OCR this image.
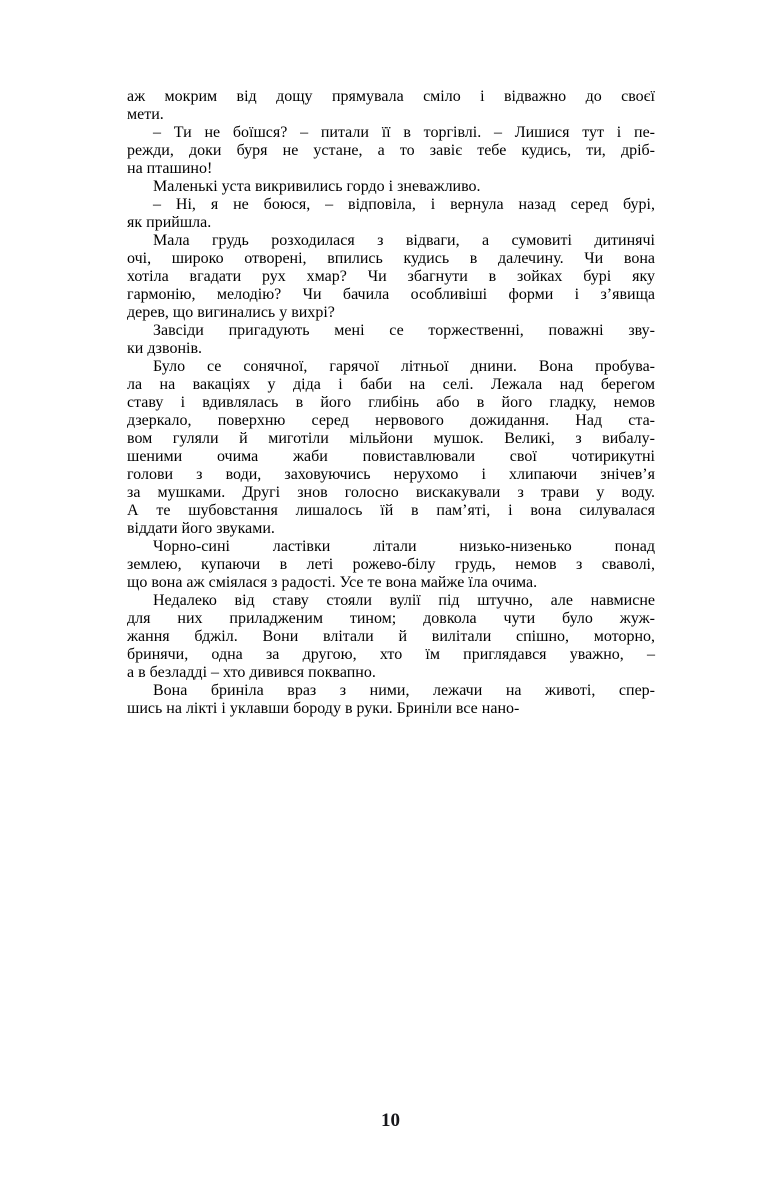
аж мокрим від дощу прямувала сміло і відважно до своєї
мети.
– Ти не боїшся? – питали її в торгівлі. – Лишися тут і пе-
режди, доки буря не устане, а то завіє тебе кудись, ти, дріб-
на пташино!
Маленькі уста викривились гордо і зневажливо.
– Ні, я не боюся, – відповіла, і вернула назад серед бурі,
як прийшла.
Мала грудь розходилася з відваги, а сумовиті дитинячі
очі, широко отворені, впились кудись в далечину. Чи вона
хотіла вгадати рух хмар? Чи збагнути в зойках бурі яку
гармонію, мелодію? Чи бачила особливіші форми і з’явища
дерев, що вигинались у вихрі?
Завсіди пригадують мені се торжественні, поважні зву-
ки дзвонів.
Було се сонячної, гарячої літньої днини. Вона пробува-
ла на вакаціях у діда і баби на селі. Лежала над берегом
ставу і вдивлялась в його глибінь або в його гладку, немов
дзеркало, поверхню серед нервового дожидання. Над ста-
вом гуляли й миготіли мільйони мушок. Великі, з вибалу-
шеними очима жаби повиставлювали свої чотирикутні
голови з води, заховуючись нерухомо і хлипаючи знічев’я
за мушками. Другі знов голосно вискакували з трави у воду.
А те шубовстання лишалось їй в пам’яті, і вона силувалася
віддати його звуками.
Чорно-сині ластівки літали низько-низенько понад
землею, купаючи в леті рожево-білу грудь, немов з сваволі,
що вона аж сміялася з радості. Усе те вона майже їла очима.
Недалеко від ставу стояли вулії під штучно, але навмисне
для них приладженим тином; довкола чути було жуж-
жання бджіл. Вони влітали й вилітали спішно, моторно,
бринячи, одна за другою, хто їм приглядався уважно, –
а в безладді – хто дивився поквапно.
Вона бриніла враз з ними, лежачи на животі, спер-
шись на лікті і уклавши бороду в руки. Бриніли все нано-
10
